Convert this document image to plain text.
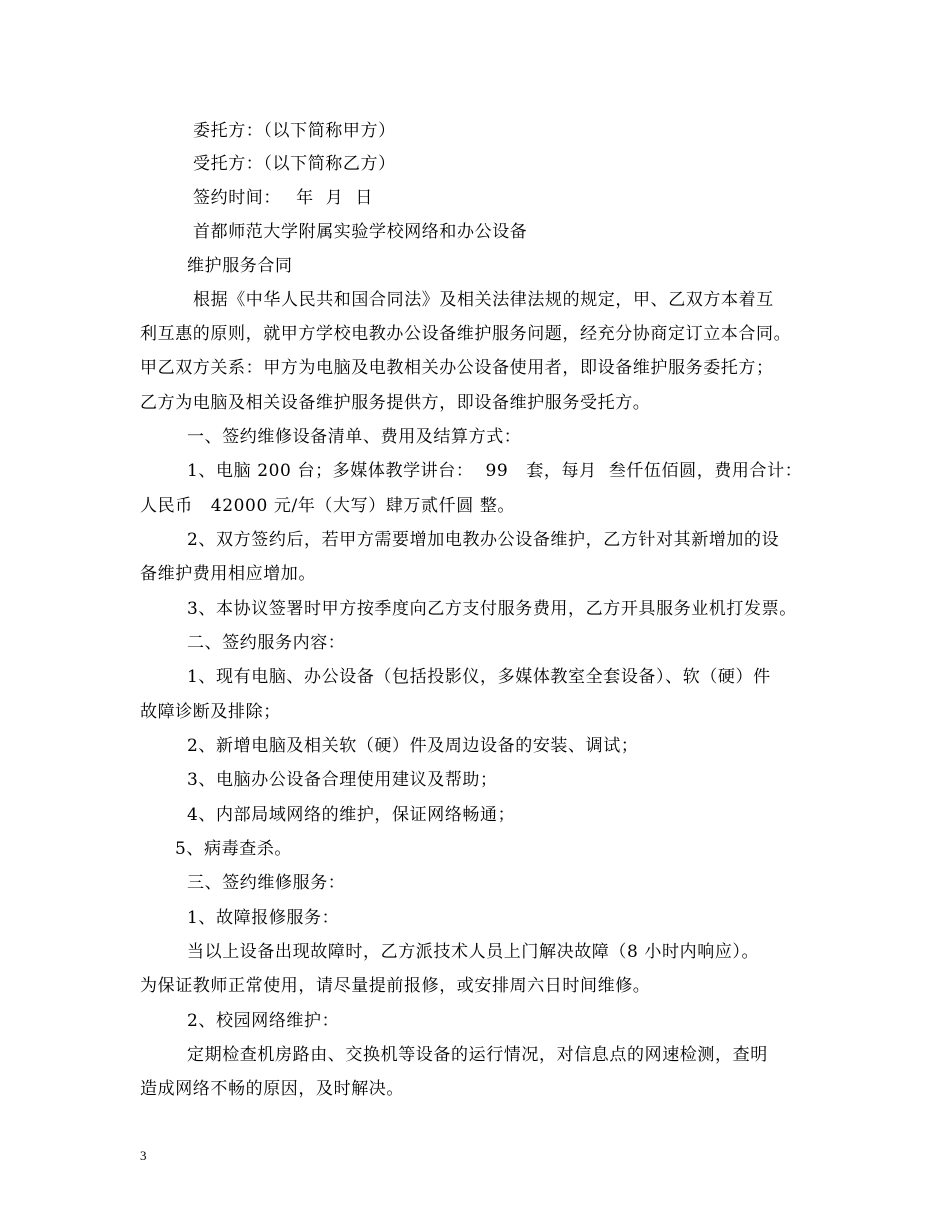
委托方：（以下简称甲方）
受托方：（以下简称乙方）
签约时间：　 年  月  日
首都师范大学附属实验学校网络和办公设备
维护服务合同
根据《中华人民共和国合同法》及相关法律法规的规定，甲、乙双方本着互
利互惠的原则，就甲方学校电教办公设备维护服务问题，经充分协商定订立本合同。
甲乙双方关系：甲方为电脑及电教相关办公设备使用者，即设备维护服务委托方；
乙方为电脑及相关设备维护服务提供方，即设备维护服务受托方。
一、签约维修设备清单、费用及结算方式：
1、电脑 200 台；多媒体教学讲台：  99   套，每月  叁仟伍佰圆，费用合计：
人民币   42000 元/年（大写）肆万贰仟圆 整。
2、双方签约后，若甲方需要增加电教办公设备维护，乙方针对其新增加的设
备维护费用相应增加。
3、本协议签署时甲方按季度向乙方支付服务费用，乙方开具服务业机打发票。
二、签约服务内容：
1、现有电脑、办公设备（包括投影仪，多媒体教室全套设备）、软（硬）件
故障诊断及排除；
2、新增电脑及相关软（硬）件及周边设备的安装、调试；
3、电脑办公设备合理使用建议及帮助；
4、内部局域网络的维护，保证网络畅通；
5、病毒查杀。
三、签约维修服务：
1、故障报修服务：
当以上设备出现故障时，乙方派技术人员上门解决故障（8 小时内响应）。
为保证教师正常使用，请尽量提前报修，或安排周六日时间维修。
2、校园网络维护：
定期检查机房路由、交换机等设备的运行情况，对信息点的网速检测，查明
造成网络不畅的原因，及时解决。
3
